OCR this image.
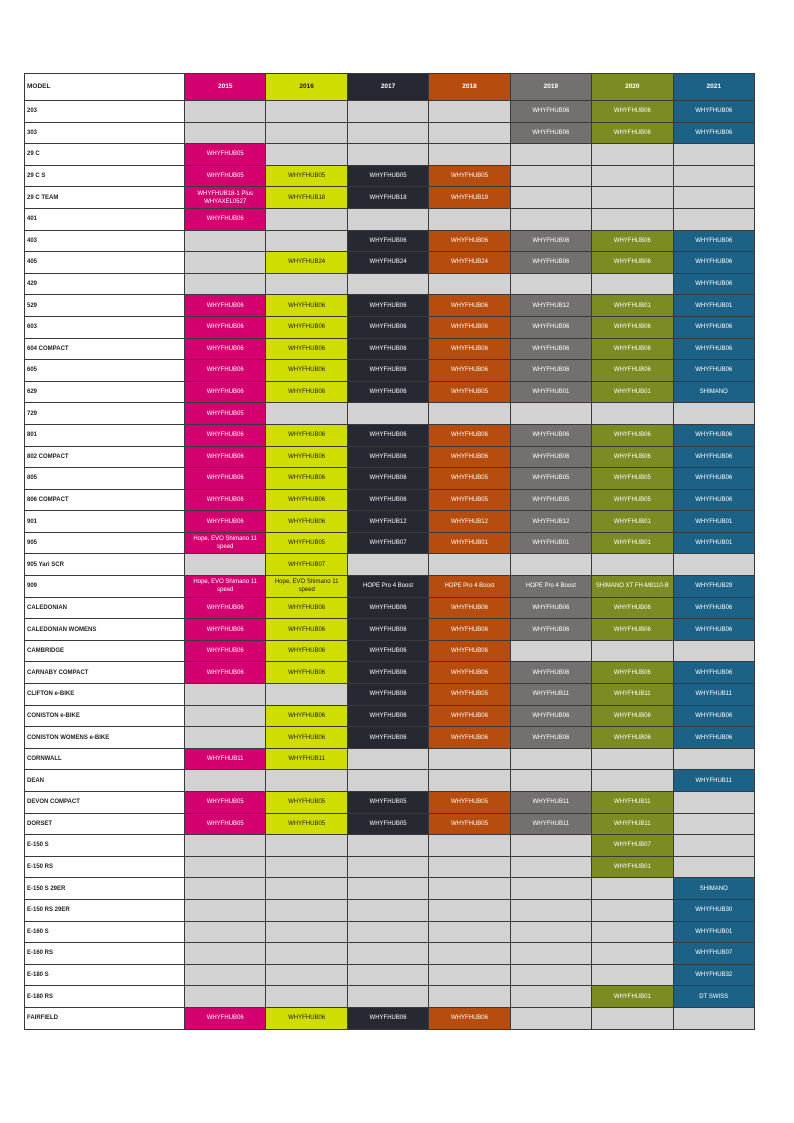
MODEL	2015	2016	2017	2018	2019	2020	2021
203					WHYFHUB06	WHYFHUB06	WHYFHUB06

303					WHYFHUB06	WHYFHUB06	WHYFHUB06

29 C	WHYFHUB05						

29 C S	WHYFHUB05	WHYFHUB05	WHYFHUB05	WHYFHUB05			

29 C TEAM	WHYFHUB18-1 Plus WHYAXEL0527	WHYFHUB18	WHYFHUB18	WHYFHUB19			

401	WHYFHUB06						

403			WHYFHUB06	WHYFHUB06	WHYFHUB06	WHYFHUB06	WHYFHUB06

405		WHYFHUB24	WHYFHUB24	WHYFHUB24	WHYFHUB06	WHYFHUB06	WHYFHUB06

429							WHYFHUB06

529	WHYFHUB06	WHYFHUB06	WHYFHUB06	WHYFHUB06	WHYFHUB12	WHYFHUB01	WHYFHUB01

603	WHYFHUB06	WHYFHUB06	WHYFHUB06	WHYFHUB06	WHYFHUB06	WHYFHUB06	WHYFHUB06

604 COMPACT	WHYFHUB06	WHYFHUB06	WHYFHUB06	WHYFHUB06	WHYFHUB06	WHYFHUB06	WHYFHUB06

605	WHYFHUB06	WHYFHUB06	WHYFHUB06	WHYFHUB06	WHYFHUB06	WHYFHUB06	WHYFHUB06

629	WHYFHUB06	WHYFHUB06	WHYFHUB06	WHYFHUB05	WHYFHUB01	WHYFHUB01	SHIMANO

729	WHYFHUB05						

801	WHYFHUB06	WHYFHUB06	WHYFHUB06	WHYFHUB06	WHYFHUB06	WHYFHUB06	WHYFHUB06

802 COMPACT	WHYFHUB06	WHYFHUB06	WHYFHUB06	WHYFHUB06	WHYFHUB06	WHYFHUB06	WHYFHUB06

805	WHYFHUB06	WHYFHUB06	WHYFHUB06	WHYFHUB05	WHYFHUB05	WHYFHUB05	WHYFHUB06

806 COMPACT	WHYFHUB06	WHYFHUB06	WHYFHUB06	WHYFHUB05	WHYFHUB05	WHYFHUB05	WHYFHUB06

901	WHYFHUB06	WHYFHUB06	WHYFHUB12	WHYFHUB12	WHYFHUB12	WHYFHUB01	WHYFHUB01

905	Hope, EVO Shimano 11 speed	WHYFHUB05	WHYFHUB07	WHYFHUB01	WHYFHUB01	WHYFHUB01	WHYFHUB01

905 Yari SCR		WHYFHUB07					

909	Hope, EVO Shimano 11 speed	Hope, EVO Shimano 11 speed	HOPE Pro 4 Boost	HOPE Pro 4 Boost	HOPE Pro 4 Boost	SHIMANO XT FH-M8110-B	WHYFHUB29

CALEDONIAN	WHYFHUB06	WHYFHUB06	WHYFHUB06	WHYFHUB06	WHYFHUB06	WHYFHUB06	WHYFHUB06

CALEDONIAN WOMENS	WHYFHUB06	WHYFHUB06	WHYFHUB06	WHYFHUB06	WHYFHUB06	WHYFHUB06	WHYFHUB06

CAMBRIDGE	WHYFHUB06	WHYFHUB06	WHYFHUB06	WHYFHUB06			

CARNABY COMPACT	WHYFHUB06	WHYFHUB06	WHYFHUB06	WHYFHUB06	WHYFHUB06	WHYFHUB06	WHYFHUB06

CLIFTON e-BIKE			WHYFHUB06	WHYFHUB05	WHYFHUB11	WHYFHUB11	WHYFHUB11

CONISTON e-BIKE		WHYFHUB06	WHYFHUB06	WHYFHUB06	WHYFHUB06	WHYFHUB06	WHYFHUB06

CONISTON WOMENS e-BIKE		WHYFHUB06	WHYFHUB06	WHYFHUB06	WHYFHUB06	WHYFHUB06	WHYFHUB06

CORNWALL	WHYFHUB11	WHYFHUB11					

DEAN							WHYFHUB11

DEVON COMPACT	WHYFHUB05	WHYFHUB05	WHYFHUB05	WHYFHUB05	WHYFHUB11	WHYFHUB11	

DORSET	WHYFHUB05	WHYFHUB05	WHYFHUB05	WHYFHUB05	WHYFHUB11	WHYFHUB11	

E-150 S						WHYFHUB07	

E-150 RS						WHYFHUB01	

E-150 S 29ER							SHIMANO

E-150 RS 29ER							WHYFHUB30

E-160 S							WHYFHUB01

E-160 RS							WHYFHUB07

E-180 S							WHYFHUB32

E-180 RS						WHYFHUB01	DT SWISS

FAIRFIELD	WHYFHUB06	WHYFHUB06	WHYFHUB06	WHYFHUB06			
